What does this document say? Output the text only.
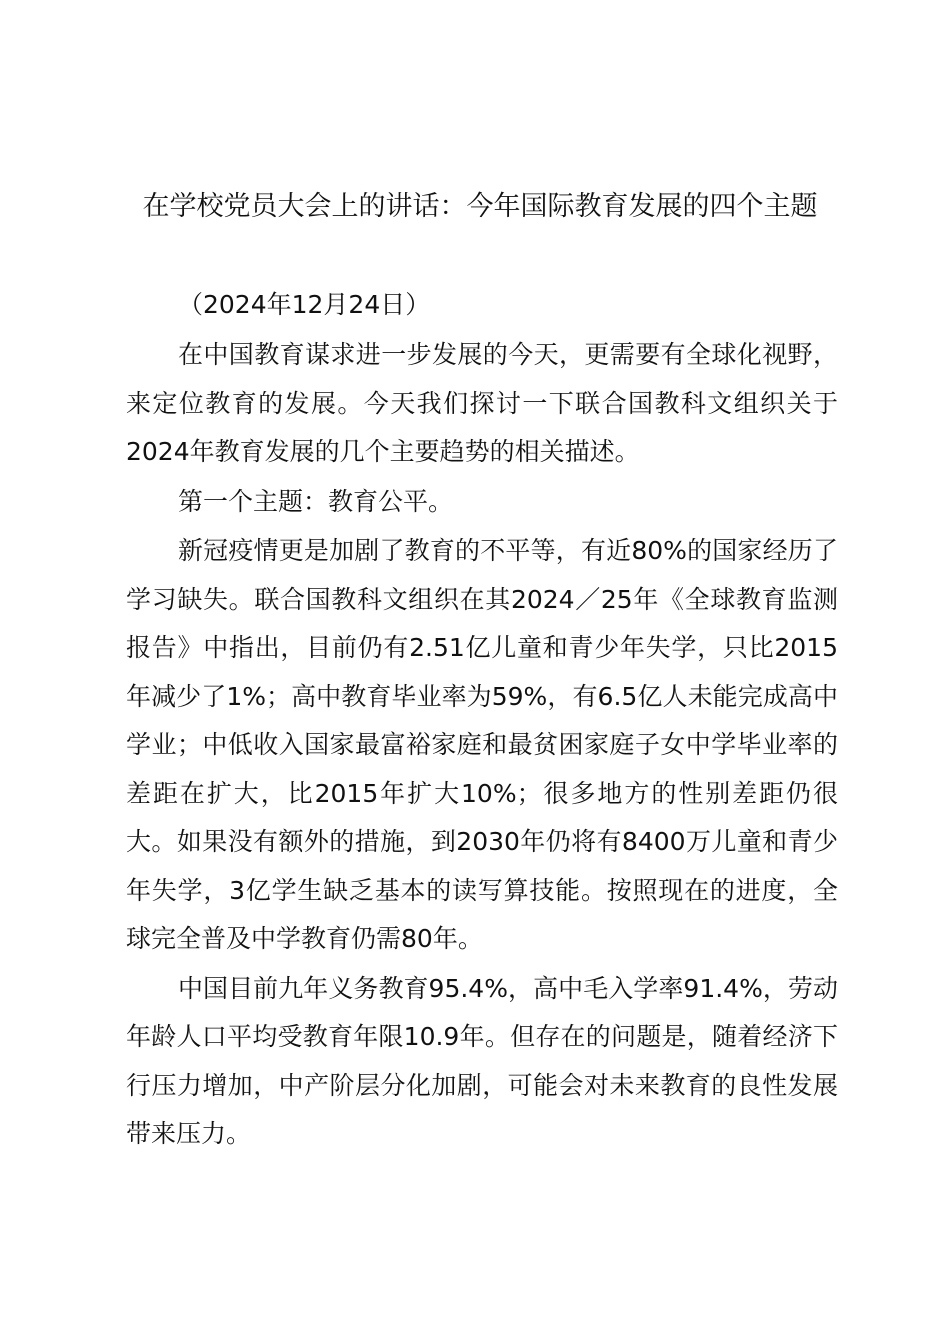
在学校党员大会上的讲话：今年国际教育发展的四个主题
（2024年12月24日）

在中国教育谋求进一步发展的今天，更需要有全球化视野，来定位教育的发展。今天我们探讨一下联合国教科文组织关于2024年教育发展的几个主要趋势的相关描述。

第一个主题：教育公平。

新冠疫情更是加剧了教育的不平等，有近80%的国家经历了学习缺失。联合国教科文组织在其2024／25年《全球教育监测报告》中指出，目前仍有2.51亿儿童和青少年失学，只比2015年减少了1%；高中教育毕业率为59%，有6.5亿人未能完成高中学业；中低收入国家最富裕家庭和最贫困家庭子女中学毕业率的差距在扩大，比2015年扩大10%；很多地方的性别差距仍很大。如果没有额外的措施，到2030年仍将有8400万儿童和青少年失学，3亿学生缺乏基本的读写算技能。按照现在的进度，全球完全普及中学教育仍需80年。

中国目前九年义务教育95.4%，高中毛入学率91.4%，劳动年龄人口平均受教育年限10.9年。但存在的问题是，随着经济下行压力增加，中产阶层分化加剧，可能会对未来教育的良性发展带来压力。
